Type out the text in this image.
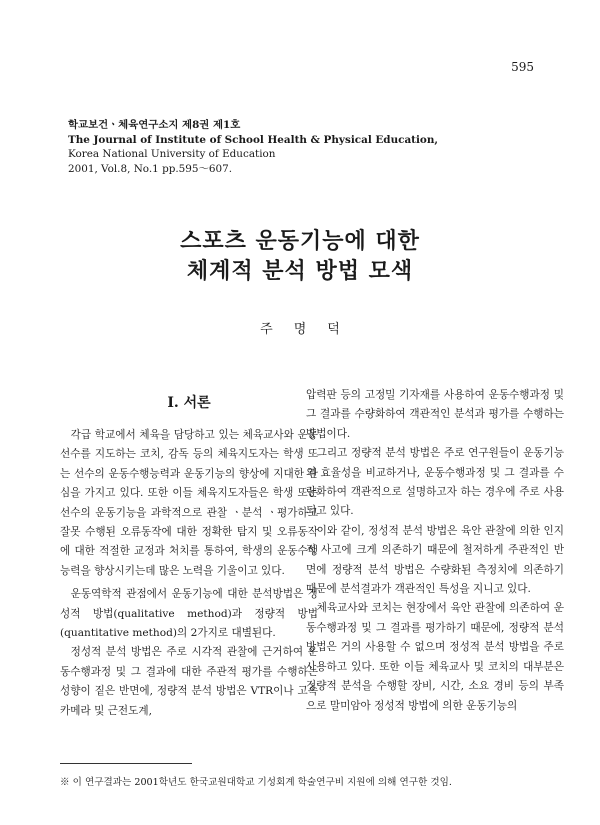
595
학교보건ㆍ체육연구소지 제8권 제1호
The Journal of Institute of School Health & Physical Education,
Korea National University of Education
2001, Vol.8, No.1 pp.595～607.
스포츠 운동기능에 대한
체계적 분석 방법 모색
주명덕
Ⅰ. 서론

각급 학교에서 체육을 담당하고 있는 체육교사와 운동선수를 지도하는 코치, 감독 등의 체육지도자는 학생 또는 선수의 운동수행능력과 운동기능의 향상에 지대한 관심을 가지고 있다. 또한 이들 체육지도자들은 학생 또는 선수의 운동기능을 과학적으로 관찰 ㆍ분석 ㆍ평가하고 잘못 수행된 오류동작에 대한 정확한 탐지 및 오류동작에 대한 적절한 교정과 처치를 통하여, 학생의 운동수행능력을 향상시키는데 많은 노력을 기울이고 있다.

운동역학적 관점에서 운동기능에 대한 분석방법은 정성적 방법(qualitative method)과 정량적 방법(quantitative method)의 2가지로 대별된다.

정성적 분석 방법은 주로 시각적 관찰에 근거하여 운동수행과정 및 그 결과에 대한 주관적 평가를 수행하는 성향이 짙은 반면에, 정량적 분석 방법은 VTR이나 고속 카메라 및 근전도계,

압력판 등의 고정밀 기자재를 사용하여 운동수행과정 및 그 결과를 수량화하여 객관적인 분석과 평가를 수행하는 방법이다.

그리고 정량적 분석 방법은 주로 연구원들이 운동기능의 효율성을 비교하거나, 운동수행과정 및 그 결과를 수량화하여 객관적으로 설명하고자 하는 경우에 주로 사용되고 있다.

이와 같이, 정성적 분석 방법은 육안 관찰에 의한 인지적 사고에 크게 의존하기 때문에 철저하게 주관적인 반면에 정량적 분석 방법은 수량화된 측정치에 의존하기 때문에 분석결과가 객관적인 특성을 지니고 있다.

체육교사와 코치는 현장에서 육안 관찰에 의존하여 운동수행과정 및 그 결과를 평가하기 때문에, 정량적 분석 방법은 거의 사용할 수 없으며 정성적 분석 방법을 주로 사용하고 있다. 또한 이들 체육교사 및 코치의 대부분은 정량적 분석을 수행할 장비, 시간, 소요 경비 등의 부족으로 말미암아 정성적 방법에 의한 운동기능의

※ 이 연구결과는 2001학년도 한국교원대학교 기성회계 학술연구비 지원에 의해 연구한 것임.
